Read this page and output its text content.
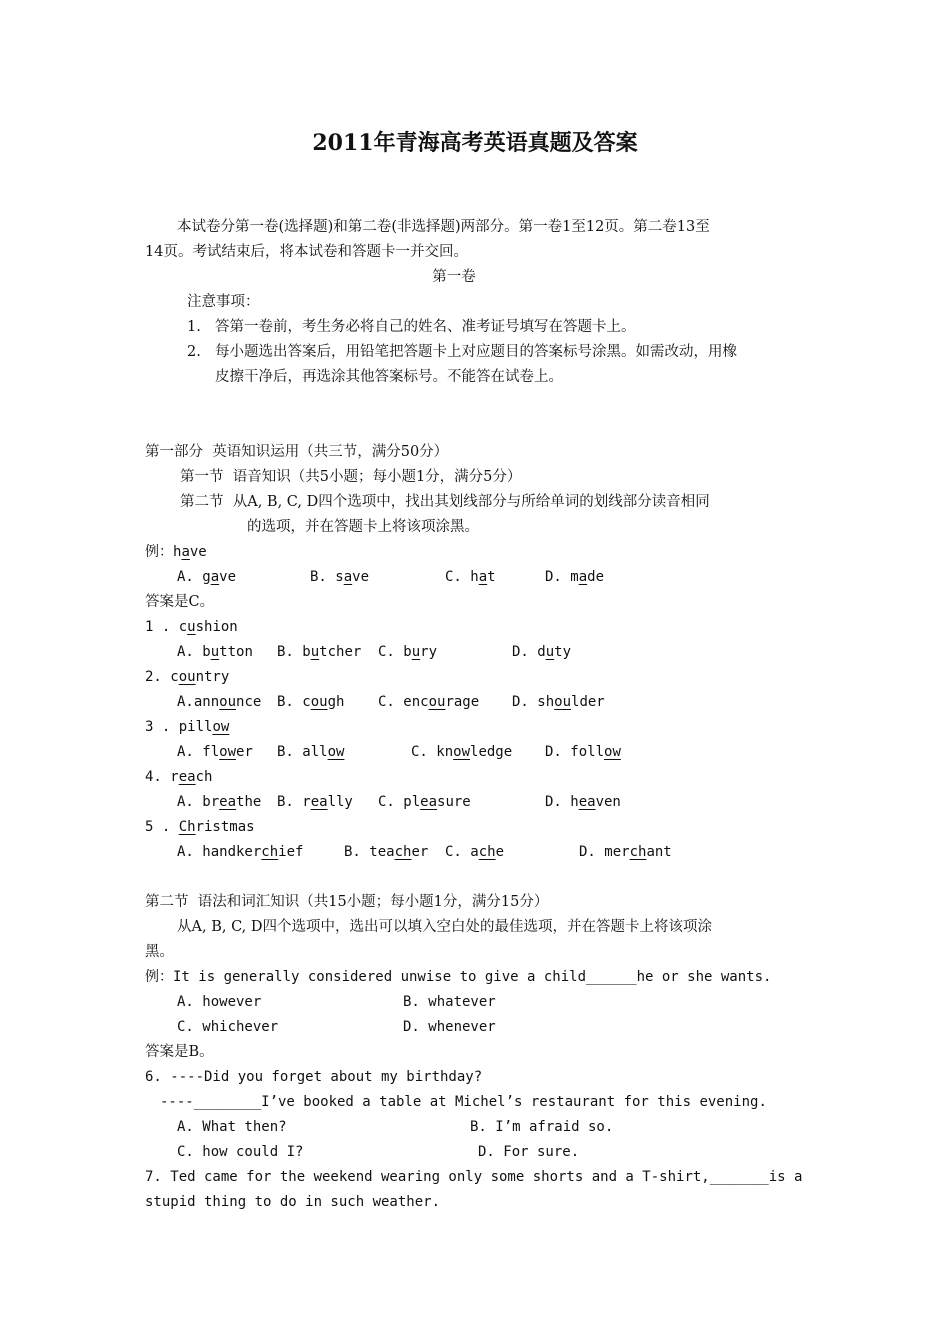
2011年青海高考英语真题及答案
本试卷分第一卷(选择题)和第二卷(非选择题)两部分。第一卷1至12页。第二卷13至
14页。考试结束后，将本试卷和答题卡一并交回。
第一卷
注意事项：
1. 答第一卷前，考生务必将自己的姓名、准考证号填写在答题卡上。
2. 每小题选出答案后，用铅笔把答题卡上对应题目的答案标号涂黑。如需改动，用橡
皮擦干净后，再选涂其他答案标号。不能答在试卷上。
第一部分  英语知识运用（共三节，满分50分）
第一节  语音知识（共5小题；每小题1分，满分5分）
第二节  从A, B, C, D四个选项中，找出其划线部分与所给单词的划线部分读音相同
的选项，并在答题卡上将该项涂黑。
例：have
A. gave	B. save	C. hat	D. made
答案是C。
1 . cushion
A. button B. butcher C. bury	D. duty
2. country
A.announce B. cough C. encourage D. shoulder
3 . pillow
A. flower B. allow	C. knowledge D. follow
4. reach
A. breathe B. really C. pleasure	D. heaven
5 . Christmas
A. handkerchief	B. teacher C. ache	D. merchant
第二节  语法和词汇知识（共15小题；每小题1分，满分15分）
从A, B, C, D四个选项中，选出可以填入空白处的最佳选项，并在答题卡上将该项涂
黑。
例：It is generally considered unwise to give a child______he or she wants.
A. however	B. whatever
C. whichever	D. whenever
答案是B。
6. ----Did you forget about my birthday?
----________I’ve booked a table at Michel’s restaurant for this evening.
A. What then?	B. I’m afraid so.
C. how could I?	D. For sure.
7. Ted came for the weekend wearing only some shorts and a T-shirt,_______is a
stupid thing to do in such weather.
